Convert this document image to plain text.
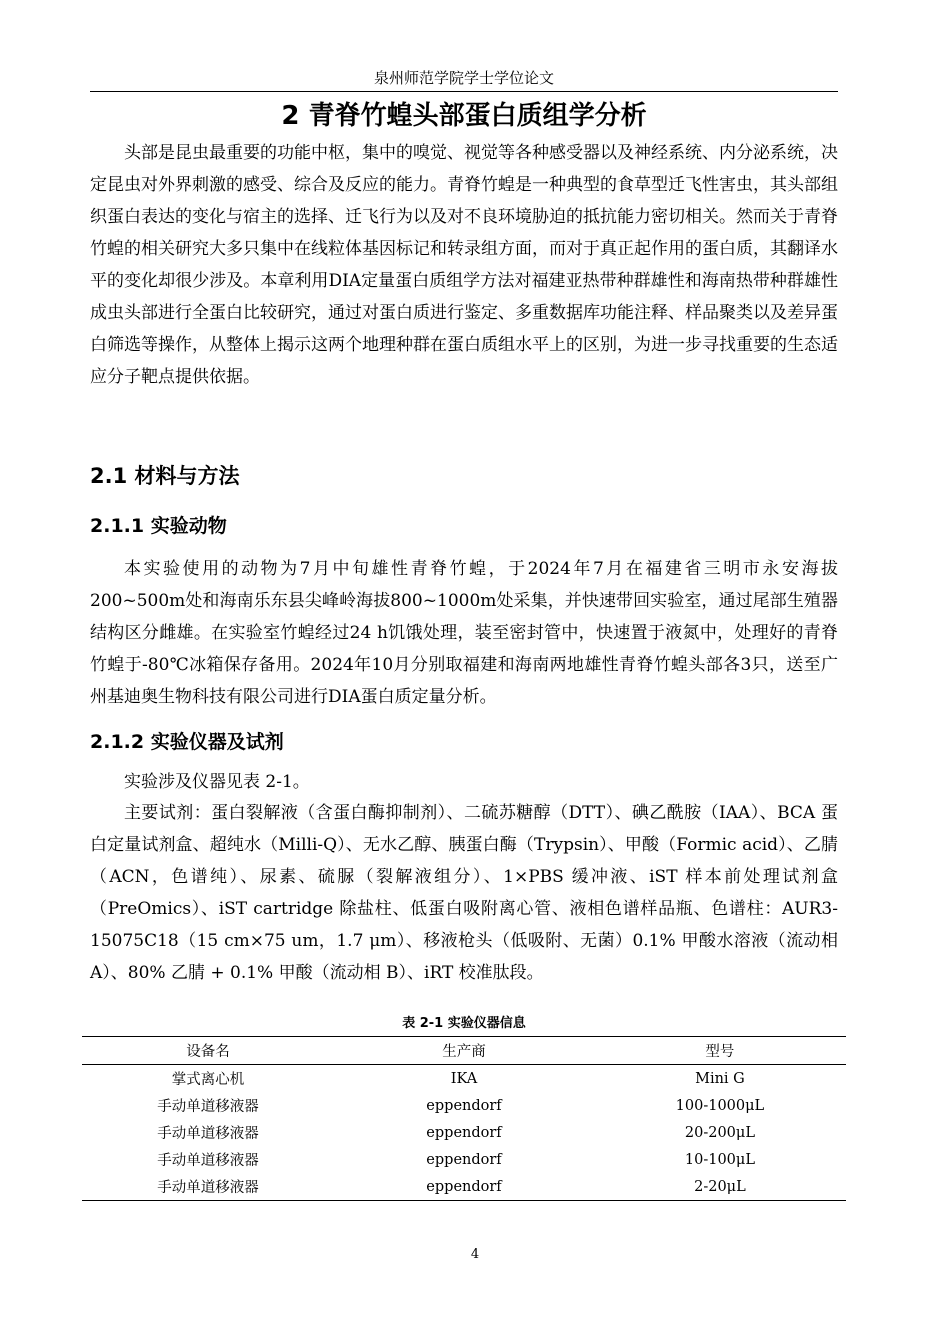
泉州师范学院学士学位论文
2 青脊竹蝗头部蛋白质组学分析

头部是昆虫最重要的功能中枢，集中的嗅觉、视觉等各种感受器以及神经系统、内分泌系统，决定昆虫对外界刺激的感受、综合及反应的能力。青脊竹蝗是一种典型的食草型迁飞性害虫，其头部组织蛋白表达的变化与宿主的选择、迁飞行为以及对不良环境胁迫的抵抗能力密切相关。然而关于青脊竹蝗的相关研究大多只集中在线粒体基因标记和转录组方面，而对于真正起作用的蛋白质，其翻译水平的变化却很少涉及。本章利用DIA定量蛋白质组学方法对福建亚热带种群雄性和海南热带种群雄性成虫头部进行全蛋白比较研究，通过对蛋白质进行鉴定、多重数据库功能注释、样品聚类以及差异蛋白筛选等操作，从整体上揭示这两个地理种群在蛋白质组水平上的区别，为进一步寻找重要的生态适应分子靶点提供依据。

2.1 材料与方法
2.1.1 实验动物

本实验使用的动物为7月中旬雄性青脊竹蝗，于2024年7月在福建省三明市永安海拔200~500m处和海南乐东县尖峰岭海拔800~1000m处采集，并快速带回实验室，通过尾部生殖器结构区分雌雄。在实验室竹蝗经过24 h饥饿处理，装至密封管中，快速置于液氮中，处理好的青脊竹蝗于-80℃冰箱保存备用。2024年10月分别取福建和海南两地雄性青脊竹蝗头部各3只，送至广州基迪奥生物科技有限公司进行DIA蛋白质定量分析。

2.1.2 实验仪器及试剂

实验涉及仪器见表 2-1。

主要试剂：蛋白裂解液（含蛋白酶抑制剂）、二硫苏糖醇（DTT）、碘乙酰胺（IAA）、BCA 蛋白定量试剂盒、超纯水（Milli-Q）、无水乙醇、胰蛋白酶（Trypsin）、甲酸（Formic acid）、乙腈（ACN，色谱纯）、尿素、硫脲（裂解液组分）、1×PBS 缓冲液、iST 样本前处理试剂盒（PreOmics）、iST cartridge 除盐柱、低蛋白吸附离心管、液相色谱样品瓶、色谱柱：AUR3-15075C18（15 cm×75 um，1.7 μm）、移液枪头（低吸附、无菌）0.1% 甲酸水溶液（流动相 A）、80% 乙腈 + 0.1% 甲酸（流动相 B）、iRT 校准肽段。

表 2-1 实验仪器信息
设备名	生产商	型号
掌式离心机	IKA	Mini G
手动单道移液器	eppendorf	100-1000μL
手动单道移液器	eppendorf	20-200μL
手动单道移液器	eppendorf	10-100μL
手动单道移液器	eppendorf	2-20μL
4
